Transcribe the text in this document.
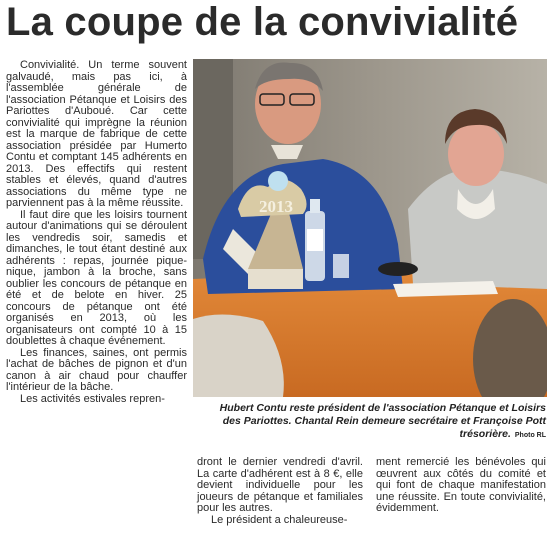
La coupe de la convivialité

Convivialité. Un terme souvent galvaudé, mais pas ici, à l'assemblée générale de l'association Pétanque et Loisirs des Pariottes d'Auboué. Car cette convivialité qui imprègne la réunion est la marque de fabrique de cette association présidée par Humerto Contu et comptant 145 adhérents en 2013. Des effectifs qui restent stables et élevés, quand d'autres associations du même type ne parviennent pas à la même réussite.

Il faut dire que les loisirs tournent autour d'animations qui se déroulent les vendredis soir, samedis et dimanches, le tout étant destiné aux adhérents : repas, journée pique-nique, jambon à la broche, sans oublier les concours de pétanque en été et de belote en hiver. 25 concours de pétanque ont été organisés en 2013, où les organisateurs ont compté 10 à 15 doublettes à chaque événement.

Les finances, saines, ont permis l'achat de bâches de pignon et d'un canon à air chaud pour chauffer l'intérieur de la bâche.

Les activités estivales repren-

2013
Hubert Contu reste président de l'association Pétanque et Loisirs des Pariottes. Chantal Rein demeure secrétaire et Françoise Pott trésorière. Photo RL

dront le dernier vendredi d'avril. La carte d'adhérent est à 8 €, elle devient individuelle pour les joueurs de pétanque et familiales pour les autres.

Le président a chaleureuse-

ment remercié les bénévoles qui œuvrent aux côtés du comité et qui font de chaque manifestation une réussite. En toute convivialité, évidemment.
